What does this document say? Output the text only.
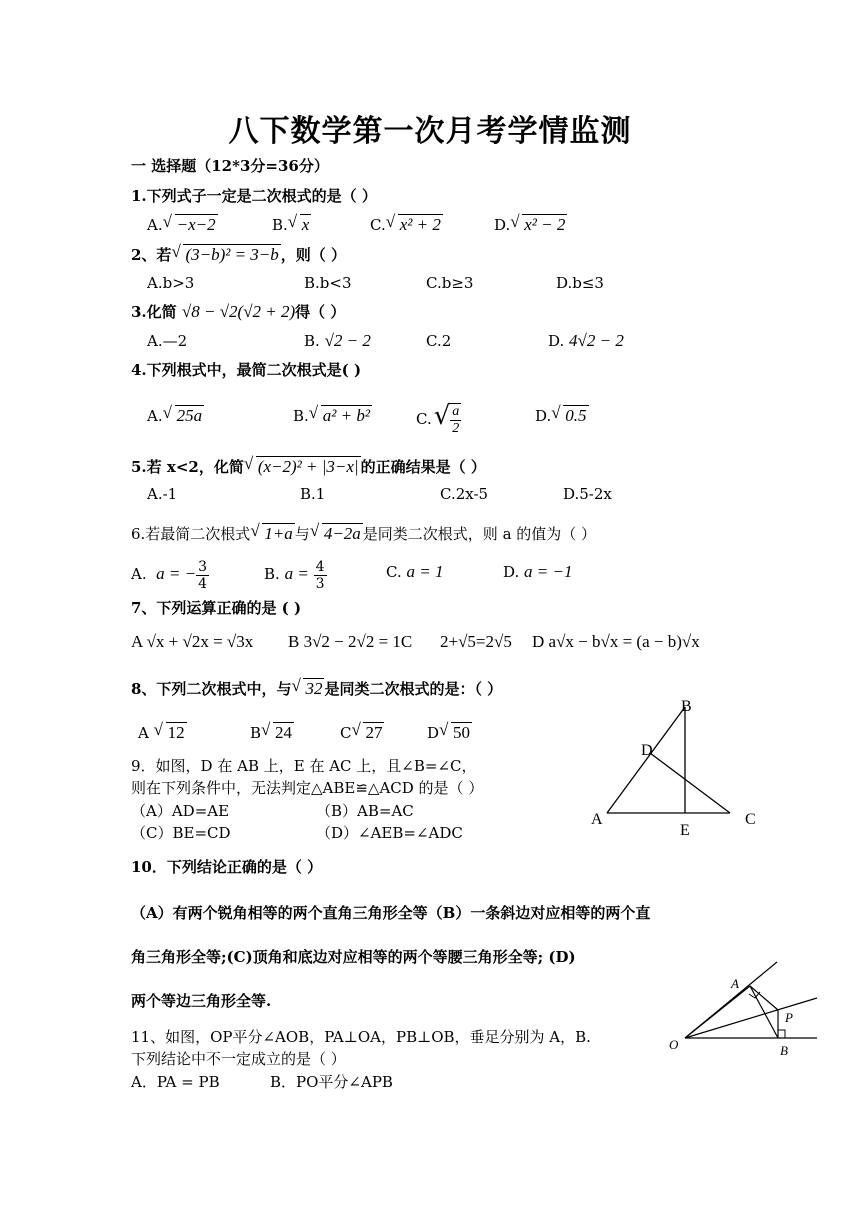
八下数学第一次月考学情监测
一 选择题（12*3分=36分）
1.下列式子一定是二次根式的是（ ）
A. √ −x−2	B. √ x	C. √ x² + 2	D. √ x² − 2
2、若 √ (3−b)² = 3−b ，则（ ）
A.b>3	B.b<3	C.b≥3	D.b≤3
3.化简 √8 − √2(√2 + 2)得（ ）
A.—2	B. √2 − 2	C.2	D. 4√2 − 2
4.下列根式中，最简二次根式是( )
A. √ 25a	B. √ a² + b²	$C.√ \frac{a}{2}$	D. √ 0.5
5.若 x<2，化简 √ (x−2)² + |3−x| 的正确结果是（ ）
A.-1	B.1	C.2x-5	D.5-2x
6.若最简二次根式 √ 1+a 与 √ 4−2a 是同类二次根式，则 a 的值为（ ）
A. a = − $\frac{3}{4}$	B. $a = \frac{4}{3}$	C. a = 1	D. a = −1
7、下列运算正确的是 ( )
A √x + √2x = √3x B 3√2 − 2√2 = 1C 2+√5=2√5 D a√x − b√x = (a − b)√x
8、下列二次根式中，与 √ 32 是同类二次根式的是：（ ）
A √ 12	B √ 24	C √ 27	D √ 50
9．如图，D 在 AB 上，E 在 AC 上，且∠B=∠C，
则在下列条件中，无法判定△ABE≌△ACD 的是（ ）
（A）AD=AE	（B）AB=AC
（C）BE=CD	（D）∠AEB=∠ADC
B
D
A
E
C
10．下列结论正确的是（ ）
（A）有两个锐角相等的两个直角三角形全等（B）一条斜边对应相等的两个直
角三角形全等;(C)顶角和底边对应相等的两个等腰三角形全等; (D)
两个等边三角形全等.
11、如图，OP平分∠AOB，PA⊥OA，PB⊥OB，垂足分别为 A，B.
下列结论中不一定成立的是（ ）
A．PA = PB	B．PO平分∠APB
A
P
O	B
